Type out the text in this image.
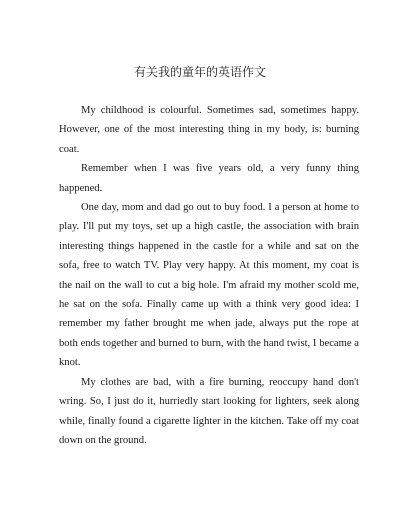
有关我的童年的英语作文

My childhood is colourful. Sometimes sad, sometimes happy. However, one of the most interesting thing in my body, is: burning coat.

Remember when I was five years old, a very funny thing happened.

One day, mom and dad go out to buy food. I a person at home to play. I'll put my toys, set up a high castle, the association with brain interesting things happened in the castle for a while and sat on the sofa, free to watch TV. Play very happy. At this moment, my coat is the nail on the wall to cut a big hole. I'm afraid my mother scold me, he sat on the sofa. Finally came up with a think very good idea: I remember my father brought me when jade, always put the rope at both ends together and burned to burn, with the hand twist, I became a knot.

My clothes are bad, with a fire burning, reoccupy hand don't wring. So, I just do it, hurriedly start looking for lighters, seek along while, finally found a cigarette lighter in the kitchen. Take off my coat down on the ground.
